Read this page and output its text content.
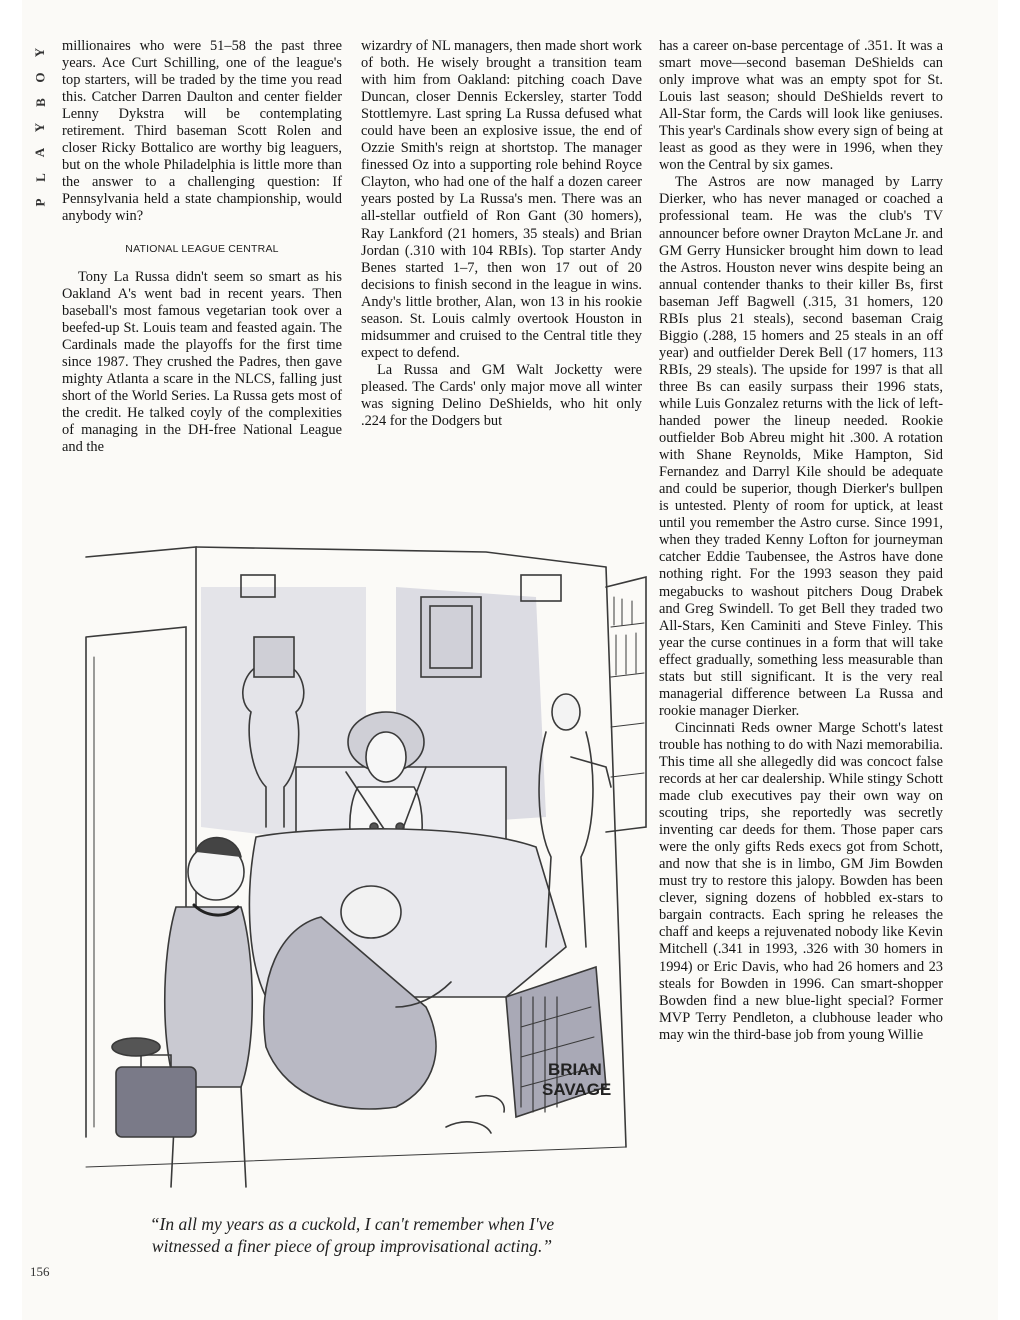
Y
O
B
Y
A
L
P

millionaires who were 51–58 the past three years. Ace Curt Schilling, one of the league's top starters, will be traded by the time you read this. Catcher Darren Daulton and center fielder Lenny Dykstra will be contemplating retirement. Third baseman Scott Rolen and closer Ricky Bottalico are worthy big leaguers, but on the whole Philadelphia is little more than the answer to a challenging question: If Pennsylvania held a state championship, would anybody win?

NATIONAL LEAGUE CENTRAL

Tony La Russa didn't seem so smart as his Oakland A's went bad in recent years. Then baseball's most famous vegetarian took over a beefed-up St. Louis team and feasted again. The Cardinals made the playoffs for the first time since 1987. They crushed the Padres, then gave mighty Atlanta a scare in the NLCS, falling just short of the World Series. La Russa gets most of the credit. He talked coyly of the complexities of managing in the DH-free National League and the

wizardry of NL managers, then made short work of both. He wisely brought a transition team with him from Oakland: pitching coach Dave Duncan, closer Dennis Eckersley, starter Todd Stottlemyre. Last spring La Russa defused what could have been an explosive issue, the end of Ozzie Smith's reign at shortstop. The manager finessed Oz into a supporting role behind Royce Clayton, who had one of the half a dozen career years posted by La Russa's men. There was an all-stellar outfield of Ron Gant (30 homers), Ray Lankford (21 homers, 35 steals) and Brian Jordan (.310 with 104 RBIs). Top starter Andy Benes started 1–7, then won 17 out of 20 decisions to finish second in the league in wins. Andy's little brother, Alan, won 13 in his rookie season. St. Louis calmly overtook Houston in midsummer and cruised to the Central title they expect to defend.

La Russa and GM Walt Jocketty were pleased. The Cards' only major move all winter was signing Delino DeShields, who hit only .224 for the Dodgers but

has a career on-base percentage of .351. It was a smart move—second baseman DeShields can only improve what was an empty spot for St. Louis last season; should DeShields revert to All-Star form, the Cards will look like geniuses. This year's Cardinals show every sign of being at least as good as they were in 1996, when they won the Central by six games.

The Astros are now managed by Larry Dierker, who has never managed or coached a professional team. He was the club's TV announcer before owner Drayton McLane Jr. and GM Gerry Hunsicker brought him down to lead the Astros. Houston never wins despite being an annual contender thanks to their killer Bs, first baseman Jeff Bagwell (.315, 31 homers, 120 RBIs plus 21 steals), second baseman Craig Biggio (.288, 15 homers and 25 steals in an off year) and outfielder Derek Bell (17 homers, 113 RBIs, 29 steals). The upside for 1997 is that all three Bs can easily surpass their 1996 stats, while Luis Gonzalez returns with the lick of left-handed power the lineup needed. Rookie outfielder Bob Abreu might hit .300. A rotation with Shane Reynolds, Mike Hampton, Sid Fernandez and Darryl Kile should be adequate and could be superior, though Dierker's bullpen is untested. Plenty of room for uptick, at least until you remember the Astro curse. Since 1991, when they traded Kenny Lofton for journeyman catcher Eddie Taubensee, the Astros have done nothing right. For the 1993 season they paid megabucks to washout pitchers Doug Drabek and Greg Swindell. To get Bell they traded two All-Stars, Ken Caminiti and Steve Finley. This year the curse continues in a form that will take effect gradually, something less measurable than stats but still significant. It is the very real managerial difference between La Russa and rookie manager Dierker.

Cincinnati Reds owner Marge Schott's latest trouble has nothing to do with Nazi memorabilia. This time all she allegedly did was concoct false records at her car dealership. While stingy Schott made club executives pay their own way on scouting trips, she reportedly was secretly inventing car deeds for them. Those paper cars were the only gifts Reds execs got from Schott, and now that she is in limbo, GM Jim Bowden must try to restore this jalopy. Bowden has been clever, signing dozens of hobbled ex-stars to bargain contracts. Each spring he releases the chaff and keeps a rejuvenated nobody like Kevin Mitchell (.341 in 1993, .326 with 30 homers in 1994) or Eric Davis, who had 26 homers and 23 steals for Bowden in 1996. Can smart-shopper Bowden find a new blue-light special? Former MVP Terry Pendleton, a clubhouse leader who may win the third-base job from young Willie

BRIAN
SAVAGE
“In all my years as a cuckold, I can't remember when I've witnessed a finer piece of group improvisational acting.”
156
